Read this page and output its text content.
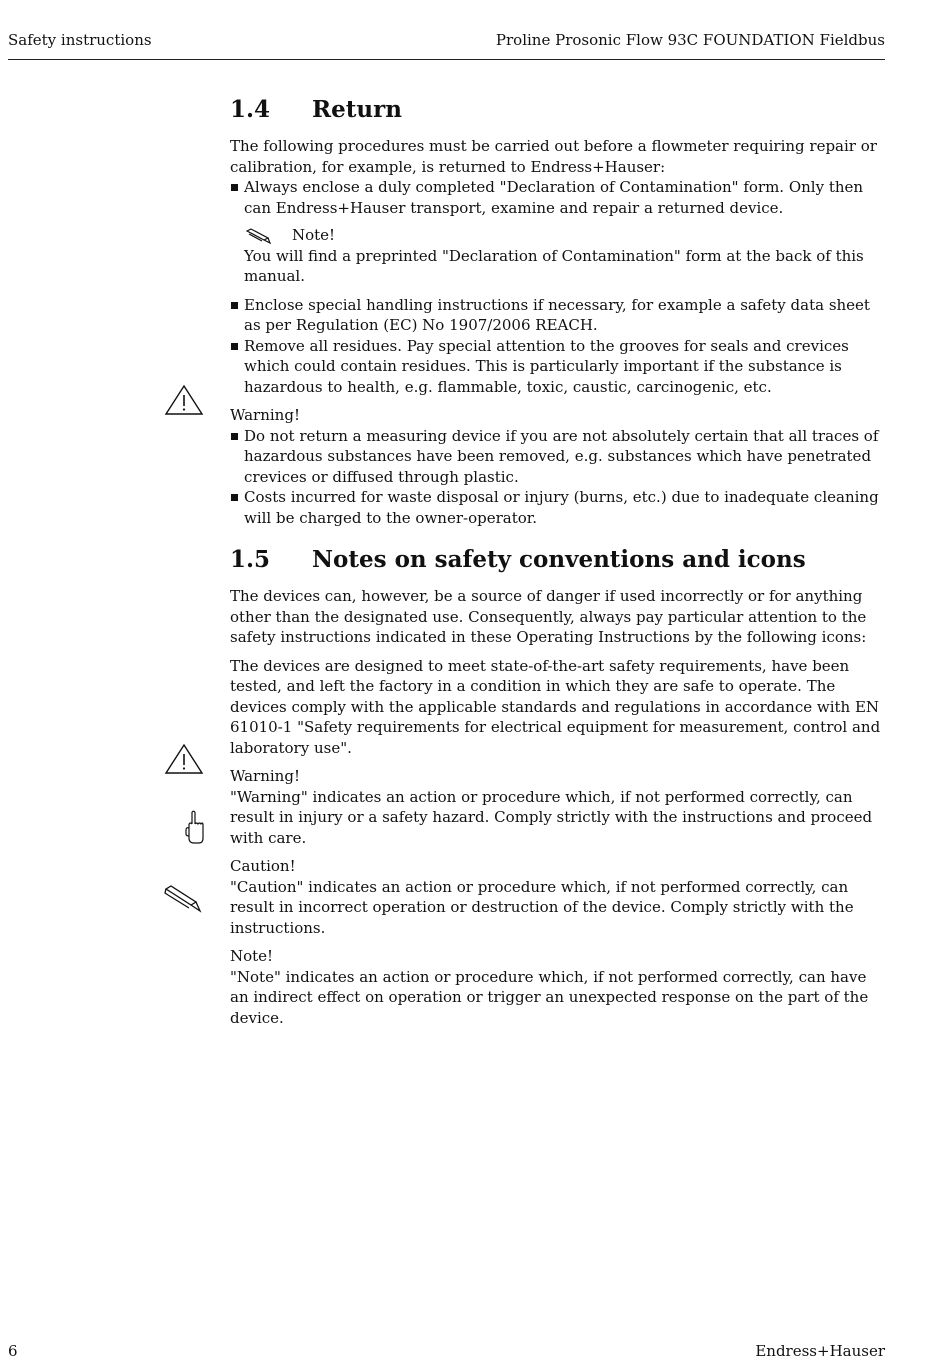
Safety instructions	Proline Prosonic Flow 93C FOUNDATION Fieldbus
1.4 Return

The following procedures must be carried out before a flowmeter requiring repair or calibration, for example, is returned to Endress+Hauser:

Always enclose a duly completed "Declaration of Contamination" form. Only then can Endress+Hauser transport, examine and repair a returned device.
Note!

You will find a preprinted "Declaration of Contamination" form at the back of this manual.

Enclose special handling instructions if necessary, for example a safety data sheet as per Regulation (EC) No 1907/2006 REACH.
Remove all residues. Pay special attention to the grooves for seals and crevices which could contain residues. This is particularly important if the substance is hazardous to health, e.g. flammable, toxic, caustic, carcinogenic, etc.

Warning!

Do not return a measuring device if you are not absolutely certain that all traces of hazardous substances have been removed, e.g. substances which have penetrated crevices or diffused through plastic.
Costs incurred for waste disposal or injury (burns, etc.) due to inadequate cleaning will be charged to the owner-operator.
1.5 Notes on safety conventions and icons

The devices can, however, be a source of danger if used incorrectly or for anything other than the designated use. Consequently, always pay particular attention to the safety instructions indicated in these Operating Instructions by the following icons:

The devices are designed to meet state-of-the-art safety requirements, have been tested, and left the factory in a condition in which they are safe to operate. The devices comply with the applicable standards and regulations in accordance with EN 61010-1 "Safety requirements for electrical equipment for measurement, control and laboratory use".

Warning!

"Warning" indicates an action or procedure which, if not performed correctly, can result in injury or a safety hazard. Comply strictly with the instructions and proceed with care.

Caution!

"Caution" indicates an action or procedure which, if not performed correctly, can result in incorrect operation or destruction of the device. Comply strictly with the instructions.

Note!

"Note" indicates an action or procedure which, if not performed correctly, can have an indirect effect on operation or trigger an unexpected response on the part of the device.

6	Endress+Hauser
